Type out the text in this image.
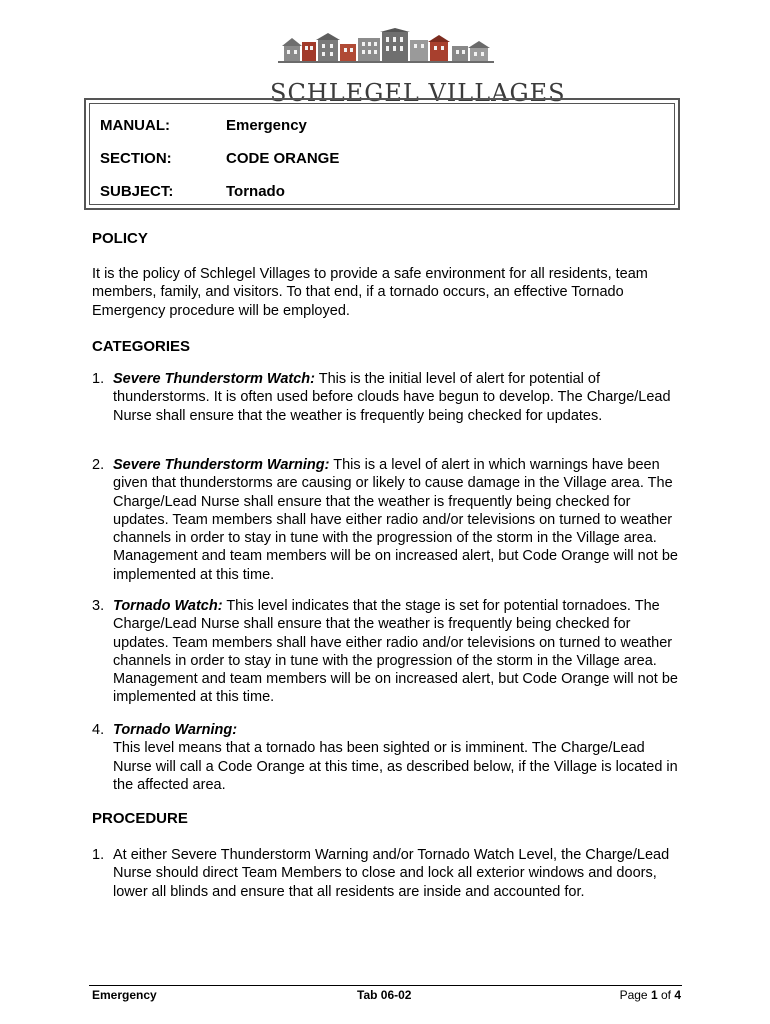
SCHLEGEL VILLAGES
MANUAL:	Emergency
SECTION:	CODE ORANGE
SUBJECT:	Tornado
POLICY
It is the policy of Schlegel Villages to provide a safe environment for all residents, team members, family, and visitors. To that end, if a tornado occurs, an effective Tornado Emergency procedure will be employed.
CATEGORIES
1. Severe Thunderstorm Watch: This is the initial level of alert for potential of thunderstorms. It is often used before clouds have begun to develop. The Charge/Lead Nurse shall ensure that the weather is frequently being checked for updates.
2. Severe Thunderstorm Warning: This is a level of alert in which warnings have been given that thunderstorms are causing or likely to cause damage in the Village area. The Charge/Lead Nurse shall ensure that the weather is frequently being checked for updates. Team members shall have either radio and/or televisions on turned to weather channels in order to stay in tune with the progression of the storm in the Village area. Management and team members will be on increased alert, but Code Orange will not be implemented at this time.
3. Tornado Watch: This level indicates that the stage is set for potential tornadoes. The Charge/Lead Nurse shall ensure that the weather is frequently being checked for updates. Team members shall have either radio and/or televisions on turned to weather channels in order to stay in tune with the progression of the storm in the Village area. Management and team members will be on increased alert, but Code Orange will not be implemented at this time.
4. Tornado Warning:
This level means that a tornado has been sighted or is imminent. The Charge/Lead Nurse will call a Code Orange at this time, as described below, if the Village is located in the affected area.
PROCEDURE
1. At either Severe Thunderstorm Warning and/or Tornado Watch Level, the Charge/Lead Nurse should direct Team Members to close and lock all exterior windows and doors, lower all blinds and ensure that all residents are inside and accounted for.
Emergency	Tab 06-02	Page 1 of 4
